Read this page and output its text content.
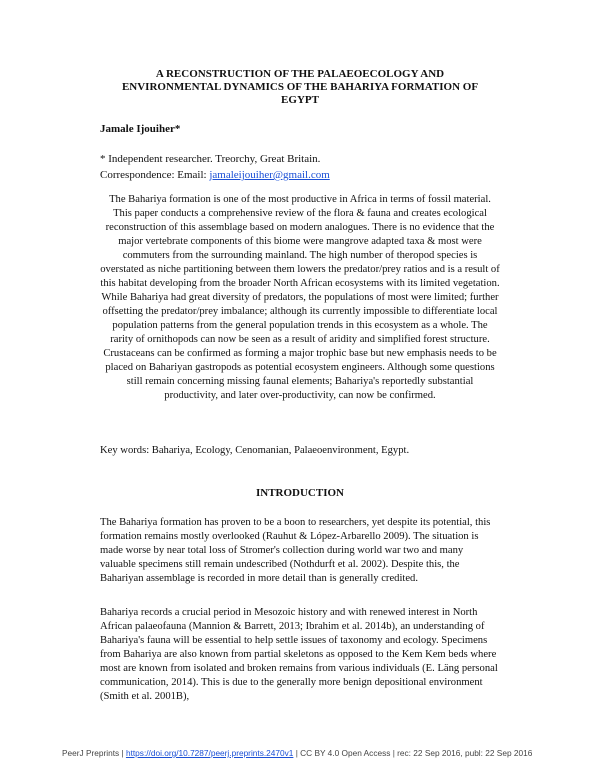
A RECONSTRUCTION OF THE PALAEOECOLOGY AND ENVIRONMENTAL DYNAMICS OF THE BAHARIYA FORMATION OF EGYPT

Jamale Ijouiher*

* Independent researcher. Treorchy, Great Britain.
Correspondence: Email: jamaleijouiher@gmail.com

The Bahariya formation is one of the most productive in Africa in terms of fossil material. This paper conducts a comprehensive review of the flora & fauna and creates ecological reconstruction of this assemblage based on modern analogues. There is no evidence that the major vertebrate components of this biome were mangrove adapted taxa & most were commuters from the surrounding mainland. The high number of theropod species is overstated as niche partitioning between them lowers the predator/prey ratios and is a result of this habitat developing from the broader North African ecosystems with its limited vegetation. While Bahariya had great diversity of predators, the populations of most were limited; further offsetting the predator/prey imbalance; although its currently impossible to differentiate local population patterns from the general population trends in this ecosystem as a whole. The rarity of ornithopods can now be seen as a result of aridity and simplified forest structure. Crustaceans can be confirmed as forming a major trophic base but new emphasis needs to be placed on Bahariyan gastropods as potential ecosystem engineers. Although some questions still remain concerning missing faunal elements; Bahariya's reportedly substantial productivity, and later over-productivity, can now be confirmed.

Key words: Bahariya, Ecology, Cenomanian, Palaeoenvironment, Egypt.

INTRODUCTION

The Bahariya formation has proven to be a boon to researchers, yet despite its potential, this formation remains mostly overlooked (Rauhut & López-Arbarello 2009). The situation is made worse by near total loss of Stromer's collection during world war two and many valuable specimens still remain undescribed (Nothdurft et al. 2002). Despite this, the Bahariyan assemblage is recorded in more detail than is generally credited.

Bahariya records a crucial period in Mesozoic history and with renewed interest in North African palaeofauna (Mannion & Barrett, 2013; Ibrahim et al. 2014b), an understanding of Bahariya's fauna will be essential to help settle issues of taxonomy and ecology. Specimens from Bahariya are also known from partial skeletons as opposed to the Kem Kem beds where most are known from isolated and broken remains from various individuals (E. Läng personal communication, 2014). This is due to the generally more benign depositional environment (Smith et al. 2001B),

PeerJ Preprints | https://doi.org/10.7287/peerj.preprints.2470v1 | CC BY 4.0 Open Access | rec: 22 Sep 2016, publ: 22 Sep 2016
